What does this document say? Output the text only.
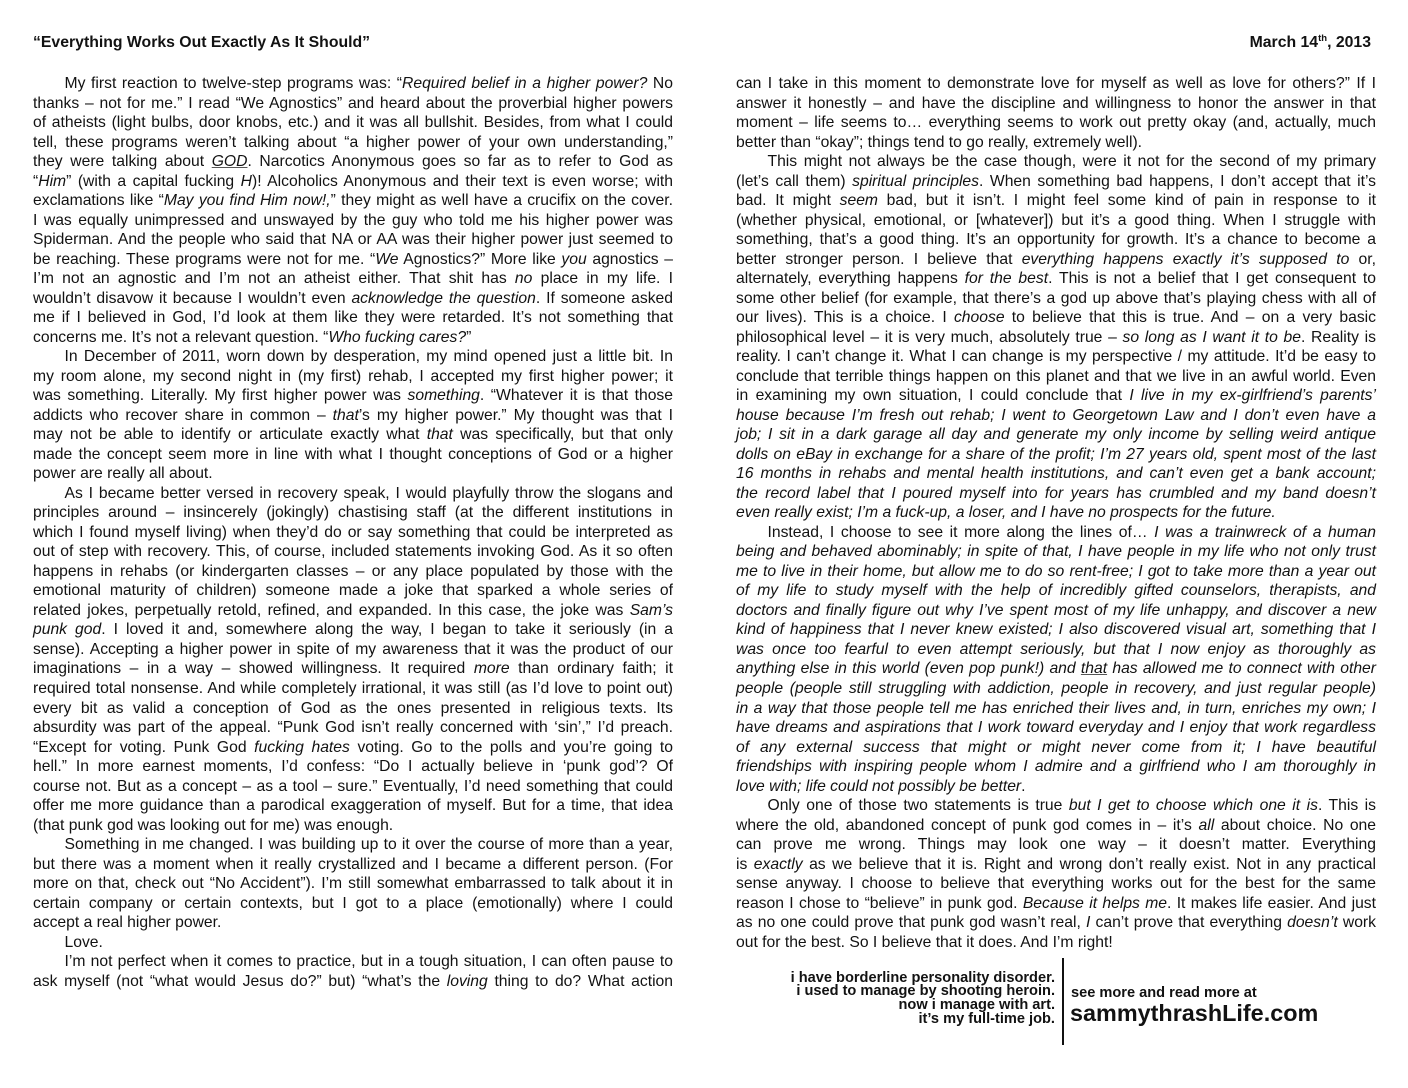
“Everything Works Out Exactly As It Should”	March 14th, 2013
My first reaction to twelve-step programs was: “Required belief in a higher power? No
thanks – not for me.” I read “We Agnostics” and heard about the proverbial higher powers
of atheists (light bulbs, door knobs, etc.) and it was all bullshit. Besides, from what I could
tell, these programs weren’t talking about “a higher power of your own understanding,”
they were talking about GOD. Narcotics Anonymous goes so far as to refer to God as
“Him” (with a capital fucking H)! Alcoholics Anonymous and their text is even worse; with
exclamations like “May you find Him now!,” they might as well have a crucifix on the cover.
I was equally unimpressed and unswayed by the guy who told me his higher power was
Spiderman. And the people who said that NA or AA was their higher power just seemed to
be reaching. These programs were not for me. “We Agnostics?” More like you agnostics –
I’m not an agnostic and I’m not an atheist either. That shit has no place in my life. I
wouldn’t disavow it because I wouldn’t even acknowledge the question. If someone asked
me if I believed in God, I’d look at them like they were retarded. It’s not something that
concerns me. It’s not a relevant question. “Who fucking cares?”
In December of 2011, worn down by desperation, my mind opened just a little bit. In
my room alone, my second night in (my first) rehab, I accepted my first higher power; it
was something. Literally. My first higher power was something. “Whatever it is that those
addicts who recover share in common – that’s my higher power.” My thought was that I
may not be able to identify or articulate exactly what that was specifically, but that only
made the concept seem more in line with what I thought conceptions of God or a higher
power are really all about.
As I became better versed in recovery speak, I would playfully throw the slogans and
principles around – insincerely (jokingly) chastising staff (at the different institutions in
which I found myself living) when they’d do or say something that could be interpreted as
out of step with recovery. This, of course, included statements invoking God. As it so often
happens in rehabs (or kindergarten classes – or any place populated by those with the
emotional maturity of children) someone made a joke that sparked a whole series of
related jokes, perpetually retold, refined, and expanded. In this case, the joke was Sam’s
punk god. I loved it and, somewhere along the way, I began to take it seriously (in a
sense). Accepting a higher power in spite of my awareness that it was the product of our
imaginations – in a way – showed willingness. It required more than ordinary faith; it
required total nonsense. And while completely irrational, it was still (as I’d love to point out)
every bit as valid a conception of God as the ones presented in religious texts. Its
absurdity was part of the appeal. “Punk God isn’t really concerned with ‘sin’,” I’d preach.
“Except for voting. Punk God fucking hates voting. Go to the polls and you’re going to
hell.” In more earnest moments, I’d confess: “Do I actually believe in ‘punk god’? Of
course not. But as a concept – as a tool – sure.” Eventually, I’d need something that could
offer me more guidance than a parodical exaggeration of myself. But for a time, that idea
(that punk god was looking out for me) was enough.
Something in me changed. I was building up to it over the course of more than a year,
but there was a moment when it really crystallized and I became a different person. (For
more on that, check out “No Accident”). I’m still somewhat embarrassed to talk about it in
certain company or certain contexts, but I got to a place (emotionally) where I could
accept a real higher power.
Love.
I’m not perfect when it comes to practice, but in a tough situation, I can often pause to
ask myself (not “what would Jesus do?” but) “what’s the loving thing to do? What action
can I take in this moment to demonstrate love for myself as well as love for others?” If I
answer it honestly – and have the discipline and willingness to honor the answer in that
moment – life seems to… everything seems to work out pretty okay (and, actually, much
better than “okay”; things tend to go really, extremely well).
This might not always be the case though, were it not for the second of my primary
(let’s call them) spiritual principles. When something bad happens, I don’t accept that it’s
bad. It might seem bad, but it isn’t. I might feel some kind of pain in response to it
(whether physical, emotional, or [whatever]) but it’s a good thing. When I struggle with
something, that’s a good thing. It’s an opportunity for growth. It’s a chance to become a
better stronger person. I believe that everything happens exactly it’s supposed to or,
alternately, everything happens for the best. This is not a belief that I get consequent to
some other belief (for example, that there’s a god up above that’s playing chess with all of
our lives). This is a choice. I choose to believe that this is true. And – on a very basic
philosophical level – it is very much, absolutely true – so long as I want it to be. Reality is
reality. I can’t change it. What I can change is my perspective / my attitude. It’d be easy to
conclude that terrible things happen on this planet and that we live in an awful world. Even
in examining my own situation, I could conclude that I live in my ex-girlfriend’s parents’
house because I’m fresh out rehab; I went to Georgetown Law and I don’t even have a
job; I sit in a dark garage all day and generate my only income by selling weird antique
dolls on eBay in exchange for a share of the profit; I’m 27 years old, spent most of the last
16 months in rehabs and mental health institutions, and can’t even get a bank account;
the record label that I poured myself into for years has crumbled and my band doesn’t
even really exist; I’m a fuck-up, a loser, and I have no prospects for the future.
Instead, I choose to see it more along the lines of… I was a trainwreck of a human
being and behaved abominably; in spite of that, I have people in my life who not only trust
me to live in their home, but allow me to do so rent-free; I got to take more than a year out
of my life to study myself with the help of incredibly gifted counselors, therapists, and
doctors and finally figure out why I’ve spent most of my life unhappy, and discover a new
kind of happiness that I never knew existed; I also discovered visual art, something that I
was once too fearful to even attempt seriously, but that I now enjoy as thoroughly as
anything else in this world (even pop punk!) and that has allowed me to connect with other
people (people still struggling with addiction, people in recovery, and just regular people)
in a way that those people tell me has enriched their lives and, in turn, enriches my own; I
have dreams and aspirations that I work toward everyday and I enjoy that work regardless
of any external success that might or might never come from it; I have beautiful
friendships with inspiring people whom I admire and a girlfriend who I am thoroughly in
love with; life could not possibly be better.
Only one of those two statements is true but I get to choose which one it is. This is
where the old, abandoned concept of punk god comes in – it’s all about choice. No one
can prove me wrong. Things may look one way – it doesn’t matter. Everything
is exactly as we believe that it is. Right and wrong don’t really exist. Not in any practical
sense anyway. I choose to believe that everything works out for the best for the same
reason I chose to “believe” in punk god. Because it helps me. It makes life easier. And just
as no one could prove that punk god wasn’t real, I can’t prove that everything doesn’t work
out for the best. So I believe that it does. And I’m right!
i have borderline personality disorder.
i used to manage by shooting heroin.
now i manage with art.
it’s my full-time job.
see more and read more at
sammythrashLife.com
